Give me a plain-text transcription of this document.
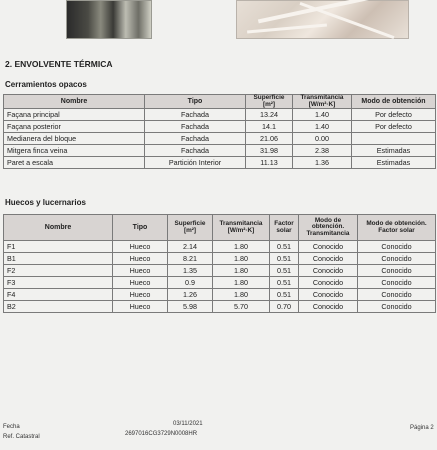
2. ENVOLVENTE TÉRMICA
Cerramientos opacos
Nombre	Tipo	Superficie [m²]	Transmitancia [W/m²·K]	Modo de obtención
Façana principal	Fachada	13.24	1.40	Por defecto
Façana posterior	Fachada	14.1	1.40	Por defecto
Medianera del bloque	Fachada	21.06	0.00	
Mitgera finca veina	Fachada	31.98	2.38	Estimadas
Paret a escala	Partición Interior	11.13	1.36	Estimadas
Huecos y lucernarios
Nombre	Tipo	Superficie [m²]	Transmitancia [W/m²·K]	Factor solar	Modo de obtención. Transmitancia	Modo de obtención. Factor solar
F1	Hueco	2.14	1.80	0.51	Conocido	Conocido
B1	Hueco	8.21	1.80	0.51	Conocido	Conocido
F2	Hueco	1.35	1.80	0.51	Conocido	Conocido
F3	Hueco	0.9	1.80	0.51	Conocido	Conocido
F4	Hueco	1.26	1.80	0.51	Conocido	Conocido
B2	Hueco	5.98	5.70	0.70	Conocido	Conocido
Fecha
Ref. Catastral
03/11/2021
2697016CG3729N0008HR
Página 2
